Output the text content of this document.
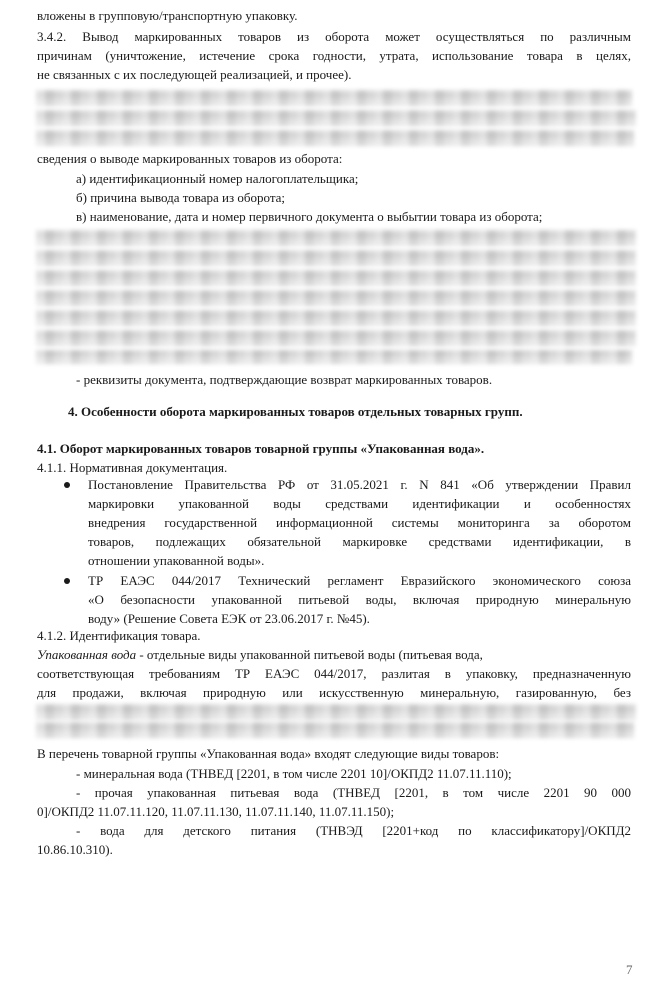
вложены в групповую/транспортную упаковку.

3.4.2. Вывод маркированных товаров из оборота может осуществляться по различным

причинам (уничтожение, истечение срока годности, утрата, использование товара в целях,

не связанных с их последующей реализацией, и прочее).

сведения о выводе маркированных товаров из оборота:

а) идентификационный номер налогоплательщика;

б) причина вывода товара из оборота;

в) наименование, дата и номер первичного документа о выбытии товара из оборота;

- реквизиты документа, подтверждающие возврат маркированных товаров.

4. Особенности оборота маркированных товаров отдельных товарных групп.

4.1. Оборот маркированных товаров товарной группы «Упакованная вода».

4.1.1. Нормативная документация.

Постановление Правительства РФ от 31.05.2021 г. N 841 «Об утверждении Правил

маркировки упакованной воды средствами идентификации и особенностях

внедрения государственной информационной системы мониторинга за оборотом

товаров, подлежащих обязательной маркировке средствами идентификации, в

отношении упакованной воды».

ТР ЕАЭС 044/2017 Технический регламент Евразийского экономического союза

«О безопасности упакованной питьевой воды, включая природную минеральную

воду» (Решение Совета ЕЭК от 23.06.2017 г. №45).

4.1.2. Идентификация товара.

Упакованная вода - отдельные виды упакованной питьевой воды (питьевая вода,

соответствующая требованиям ТР ЕАЭС 044/2017, разлитая в упаковку, предназначенную

для продажи, включая природную или искусственную минеральную, газированную, без

В перечень товарной группы «Упакованная вода» входят следующие виды товаров:

- минеральная вода (ТНВЕД [2201, в том числе 2201 10]/ОКПД2 11.07.11.110);

- прочая упакованная питьевая вода (ТНВЕД [2201, в том числе 2201 90 000

0]/ОКПД2 11.07.11.120, 11.07.11.130, 11.07.11.140, 11.07.11.150);

- вода для детского питания (ТНВЭД [2201+код по классификатору]/ОКПД2

10.86.10.310).

7
